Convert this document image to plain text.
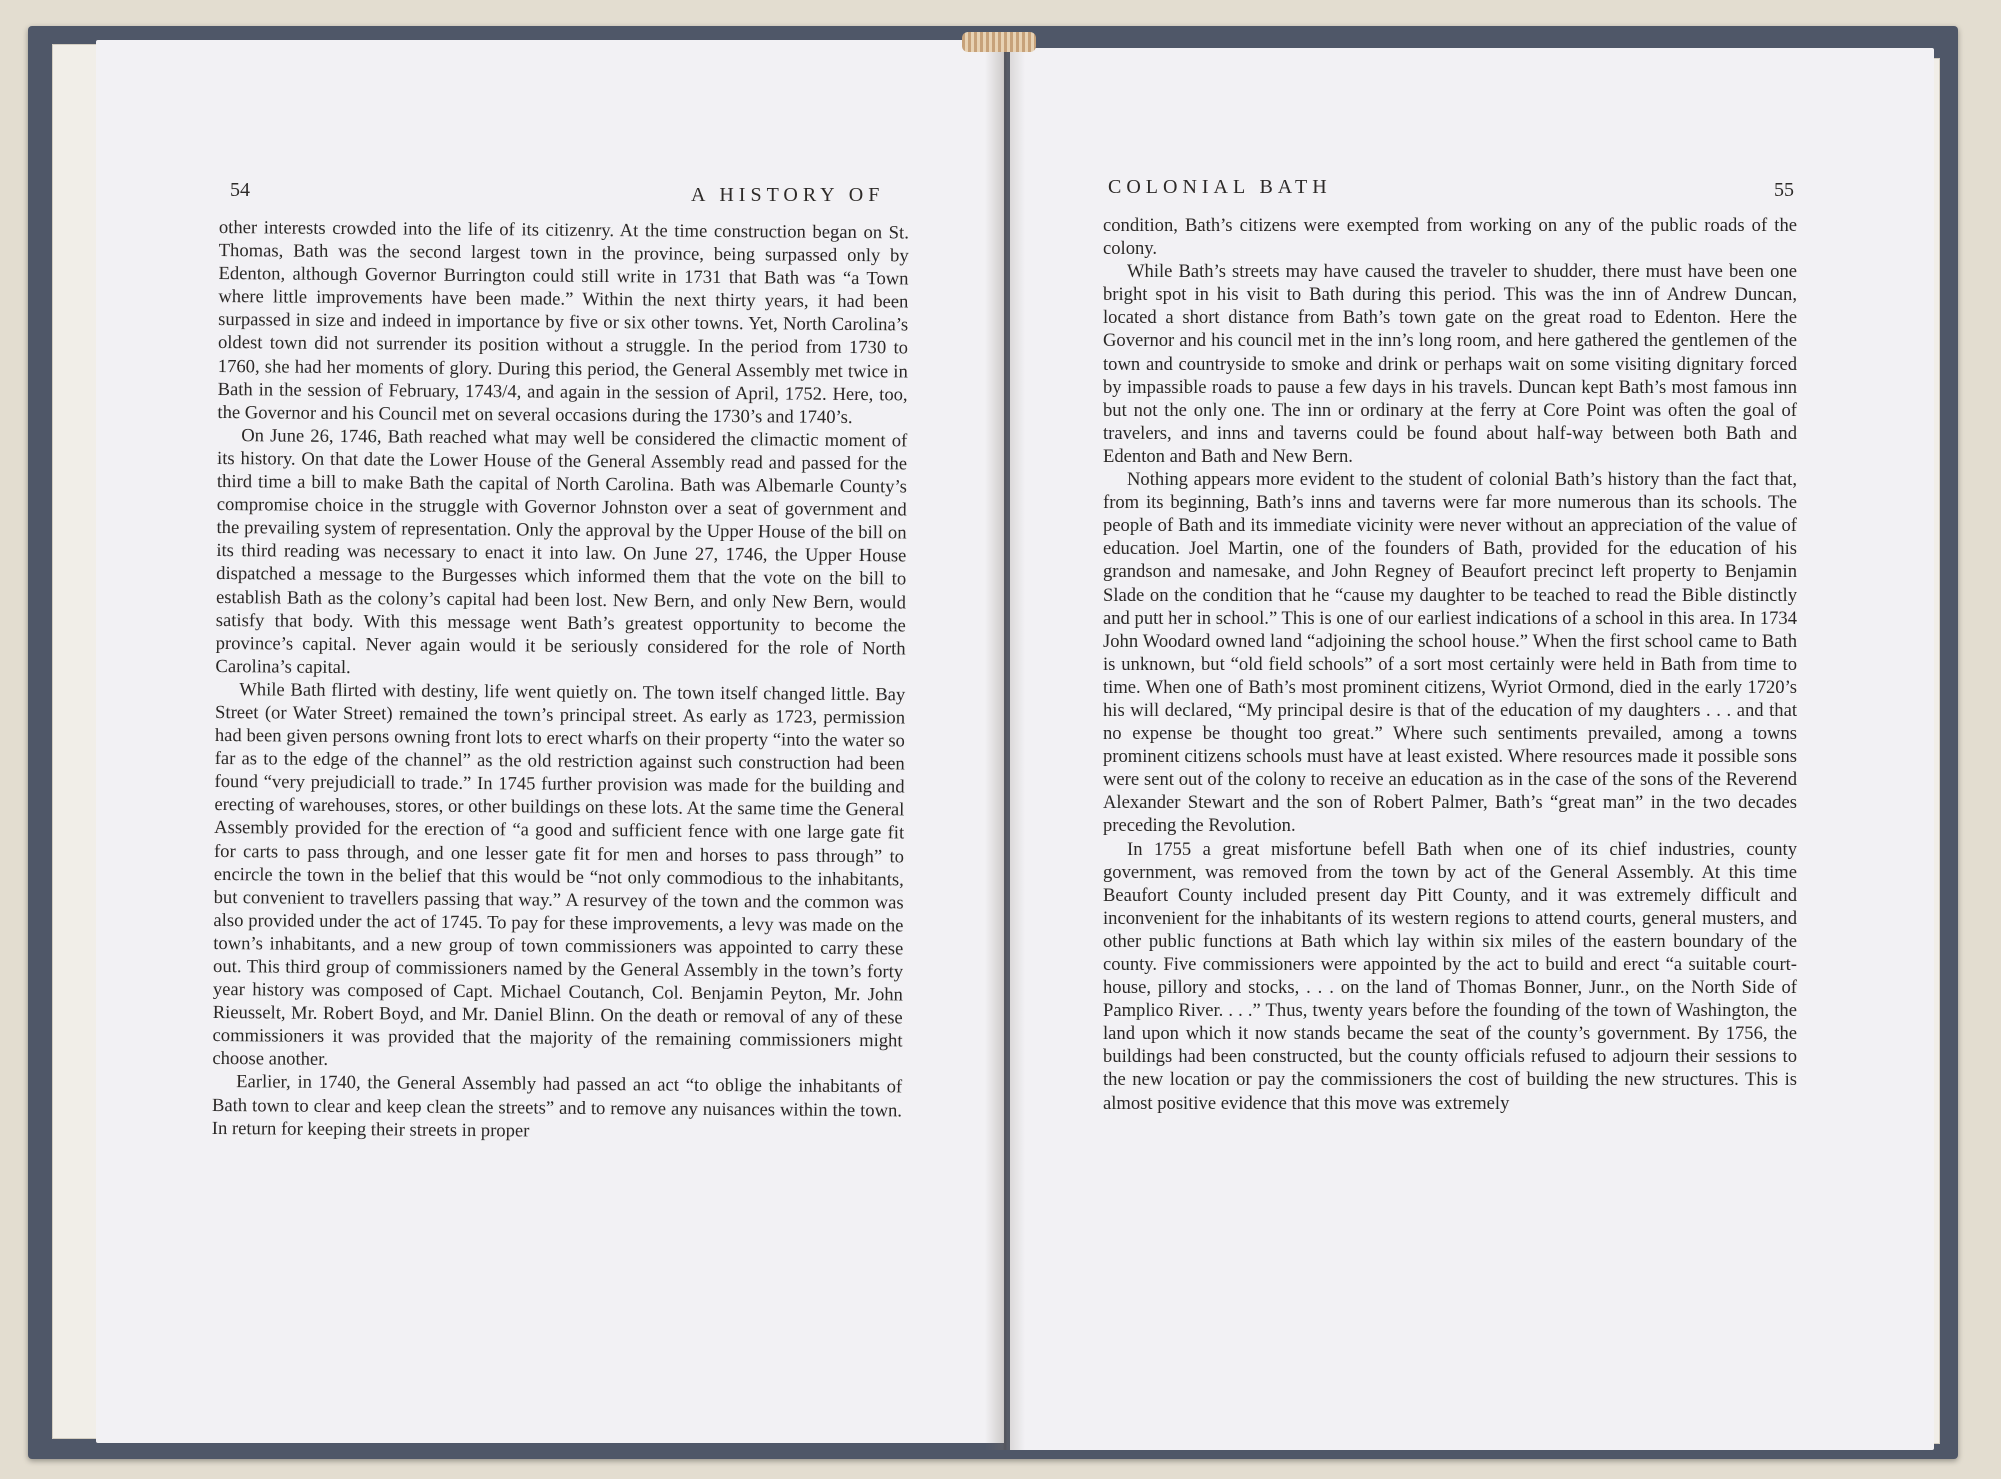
54	A HISTORY OF

other interests crowded into the life of its citizenry. At the time construction began on St. Thomas, Bath was the second largest town in the province, being surpassed only by Edenton, although Governor Burrington could still write in 1731 that Bath was “a Town where little improvements have been made.” Within the next thirty years, it had been surpassed in size and indeed in importance by five or six other towns. Yet, North Carolina’s oldest town did not surrender its position without a struggle. In the period from 1730 to 1760, she had her moments of glory. During this period, the General Assembly met twice in Bath in the session of February, 1743/4, and again in the session of April, 1752. Here, too, the Governor and his Council met on several occasions during the 1730’s and 1740’s.

On June 26, 1746, Bath reached what may well be considered the climactic moment of its history. On that date the Lower House of the General Assembly read and passed for the third time a bill to make Bath the capital of North Carolina. Bath was Albemarle County’s compromise choice in the struggle with Governor Johnston over a seat of government and the prevailing system of representation. Only the approval by the Upper House of the bill on its third reading was necessary to enact it into law. On June 27, 1746, the Upper House dispatched a message to the Burgesses which informed them that the vote on the bill to establish Bath as the colony’s capital had been lost. New Bern, and only New Bern, would satisfy that body. With this message went Bath’s greatest opportunity to become the province’s capital. Never again would it be seriously considered for the role of North Carolina’s capital.

While Bath flirted with destiny, life went quietly on. The town itself changed little. Bay Street (or Water Street) remained the town’s principal street. As early as 1723, permission had been given persons owning front lots to erect wharfs on their property “into the water so far as to the edge of the channel” as the old restriction against such construction had been found “very prejudiciall to trade.” In 1745 further provision was made for the building and erecting of warehouses, stores, or other buildings on these lots. At the same time the General Assembly provided for the erection of “a good and sufficient fence with one large gate fit for carts to pass through, and one lesser gate fit for men and horses to pass through” to encircle the town in the belief that this would be “not only commodious to the inhabitants, but convenient to travellers passing that way.” A resurvey of the town and the common was also provided under the act of 1745. To pay for these improvements, a levy was made on the town’s inhabitants, and a new group of town commissioners was appointed to carry these out. This third group of commissioners named by the General Assembly in the town’s forty year history was composed of Capt. Michael Coutanch, Col. Benjamin Peyton, Mr. John Rieusselt, Mr. Robert Boyd, and Mr. Daniel Blinn. On the death or removal of any of these commissioners it was provided that the majority of the remaining commissioners might choose another.

Earlier, in 1740, the General Assembly had passed an act “to oblige the inhabitants of Bath town to clear and keep clean the streets” and to remove any nuisances within the town. In return for keeping their streets in proper

COLONIAL BATH	55

condition, Bath’s citizens were exempted from working on any of the public roads of the colony.

While Bath’s streets may have caused the traveler to shudder, there must have been one bright spot in his visit to Bath during this period. This was the inn of Andrew Duncan, located a short distance from Bath’s town gate on the great road to Edenton. Here the Governor and his council met in the inn’s long room, and here gathered the gentlemen of the town and countryside to smoke and drink or perhaps wait on some visiting dignitary forced by impassible roads to pause a few days in his travels. Duncan kept Bath’s most famous inn but not the only one. The inn or ordinary at the ferry at Core Point was often the goal of travelers, and inns and taverns could be found about half-way between both Bath and Edenton and Bath and New Bern.

Nothing appears more evident to the student of colonial Bath’s history than the fact that, from its beginning, Bath’s inns and taverns were far more numerous than its schools. The people of Bath and its immediate vicinity were never without an appreciation of the value of education. Joel Martin, one of the founders of Bath, provided for the education of his grandson and namesake, and John Regney of Beaufort precinct left property to Benjamin Slade on the condition that he “cause my daughter to be teached to read the Bible distinctly and putt her in school.” This is one of our earliest indications of a school in this area. In 1734 John Woodard owned land “adjoining the school house.” When the first school came to Bath is unknown, but “old field schools” of a sort most certainly were held in Bath from time to time. When one of Bath’s most prominent citizens, Wyriot Ormond, died in the early 1720’s his will declared, “My principal desire is that of the education of my daughters . . . and that no expense be thought too great.” Where such sentiments prevailed, among a towns prominent citizens schools must have at least existed. Where resources made it possible sons were sent out of the colony to receive an education as in the case of the sons of the Reverend Alexander Stewart and the son of Robert Palmer, Bath’s “great man” in the two decades preceding the Revolution.

In 1755 a great misfortune befell Bath when one of its chief industries, county government, was removed from the town by act of the General Assembly. At this time Beaufort County included present day Pitt County, and it was extremely difficult and inconvenient for the inhabitants of its western regions to attend courts, general musters, and other public functions at Bath which lay within six miles of the eastern boundary of the county. Five commissioners were appointed by the act to build and erect “a suitable court-house, pillory and stocks, . . . on the land of Thomas Bonner, Junr., on the North Side of Pamplico River. . . .” Thus, twenty years before the founding of the town of Washington, the land upon which it now stands became the seat of the county’s government. By 1756, the buildings had been constructed, but the county officials refused to adjourn their sessions to the new location or pay the commissioners the cost of building the new structures. This is almost positive evidence that this move was extremely
